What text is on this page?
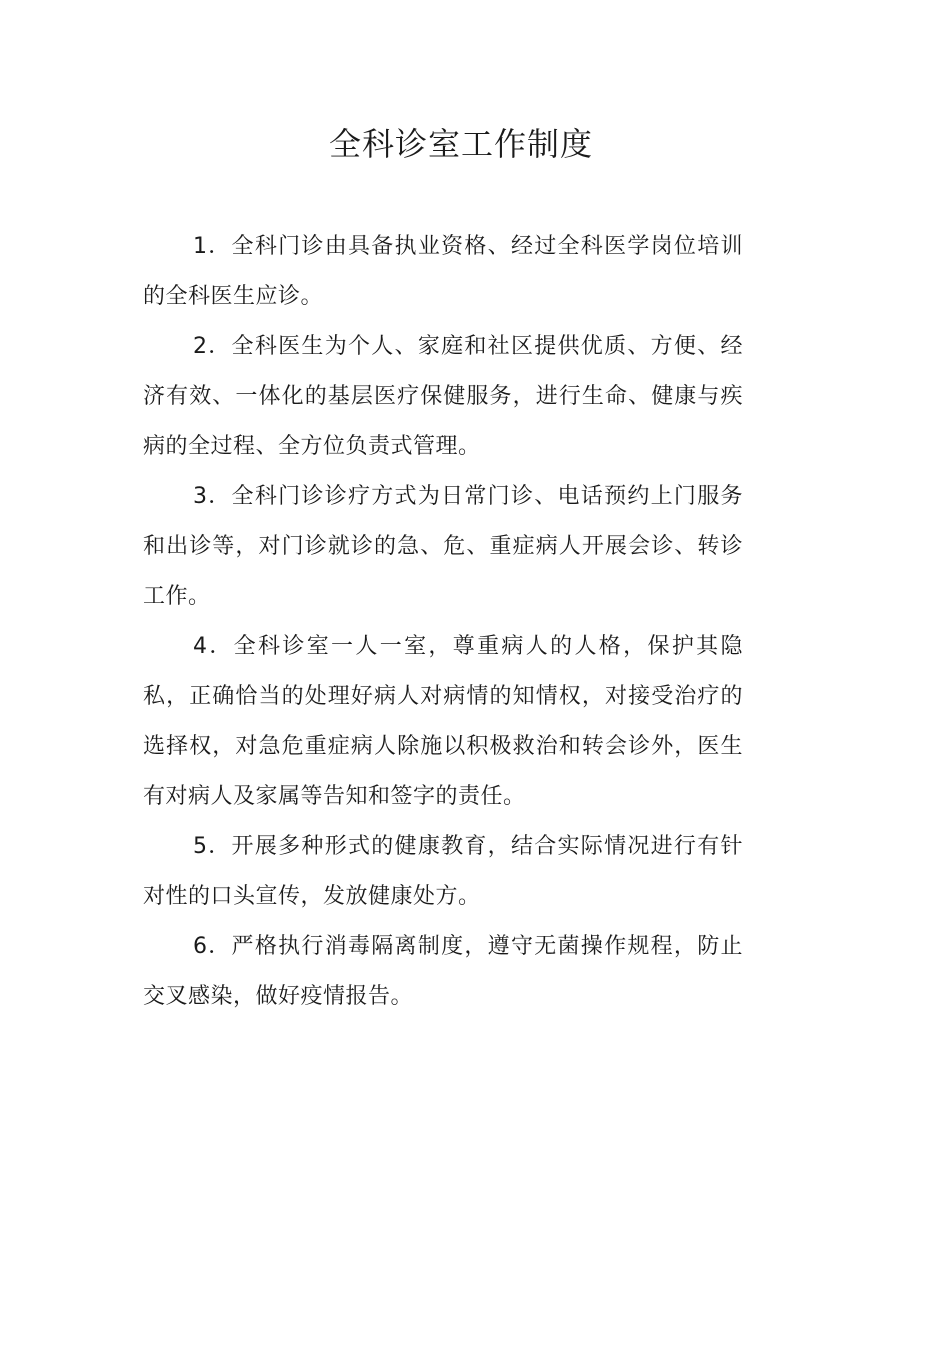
全科诊室工作制度

1．全科门诊由具备执业资格、经过全科医学岗位培训的全科医生应诊。

2．全科医生为个人、家庭和社区提供优质、方便、经济有效、一体化的基层医疗保健服务，进行生命、健康与疾病的全过程、全方位负责式管理。

3．全科门诊诊疗方式为日常门诊、电话预约上门服务和出诊等，对门诊就诊的急、危、重症病人开展会诊、转诊工作。

4．全科诊室一人一室，尊重病人的人格，保护其隐私，正确恰当的处理好病人对病情的知情权，对接受治疗的选择权，对急危重症病人除施以积极救治和转会诊外，医生有对病人及家属等告知和签字的责任。

5．开展多种形式的健康教育，结合实际情况进行有针对性的口头宣传，发放健康处方。

6．严格执行消毒隔离制度，遵守无菌操作规程，防止交叉感染，做好疫情报告。
